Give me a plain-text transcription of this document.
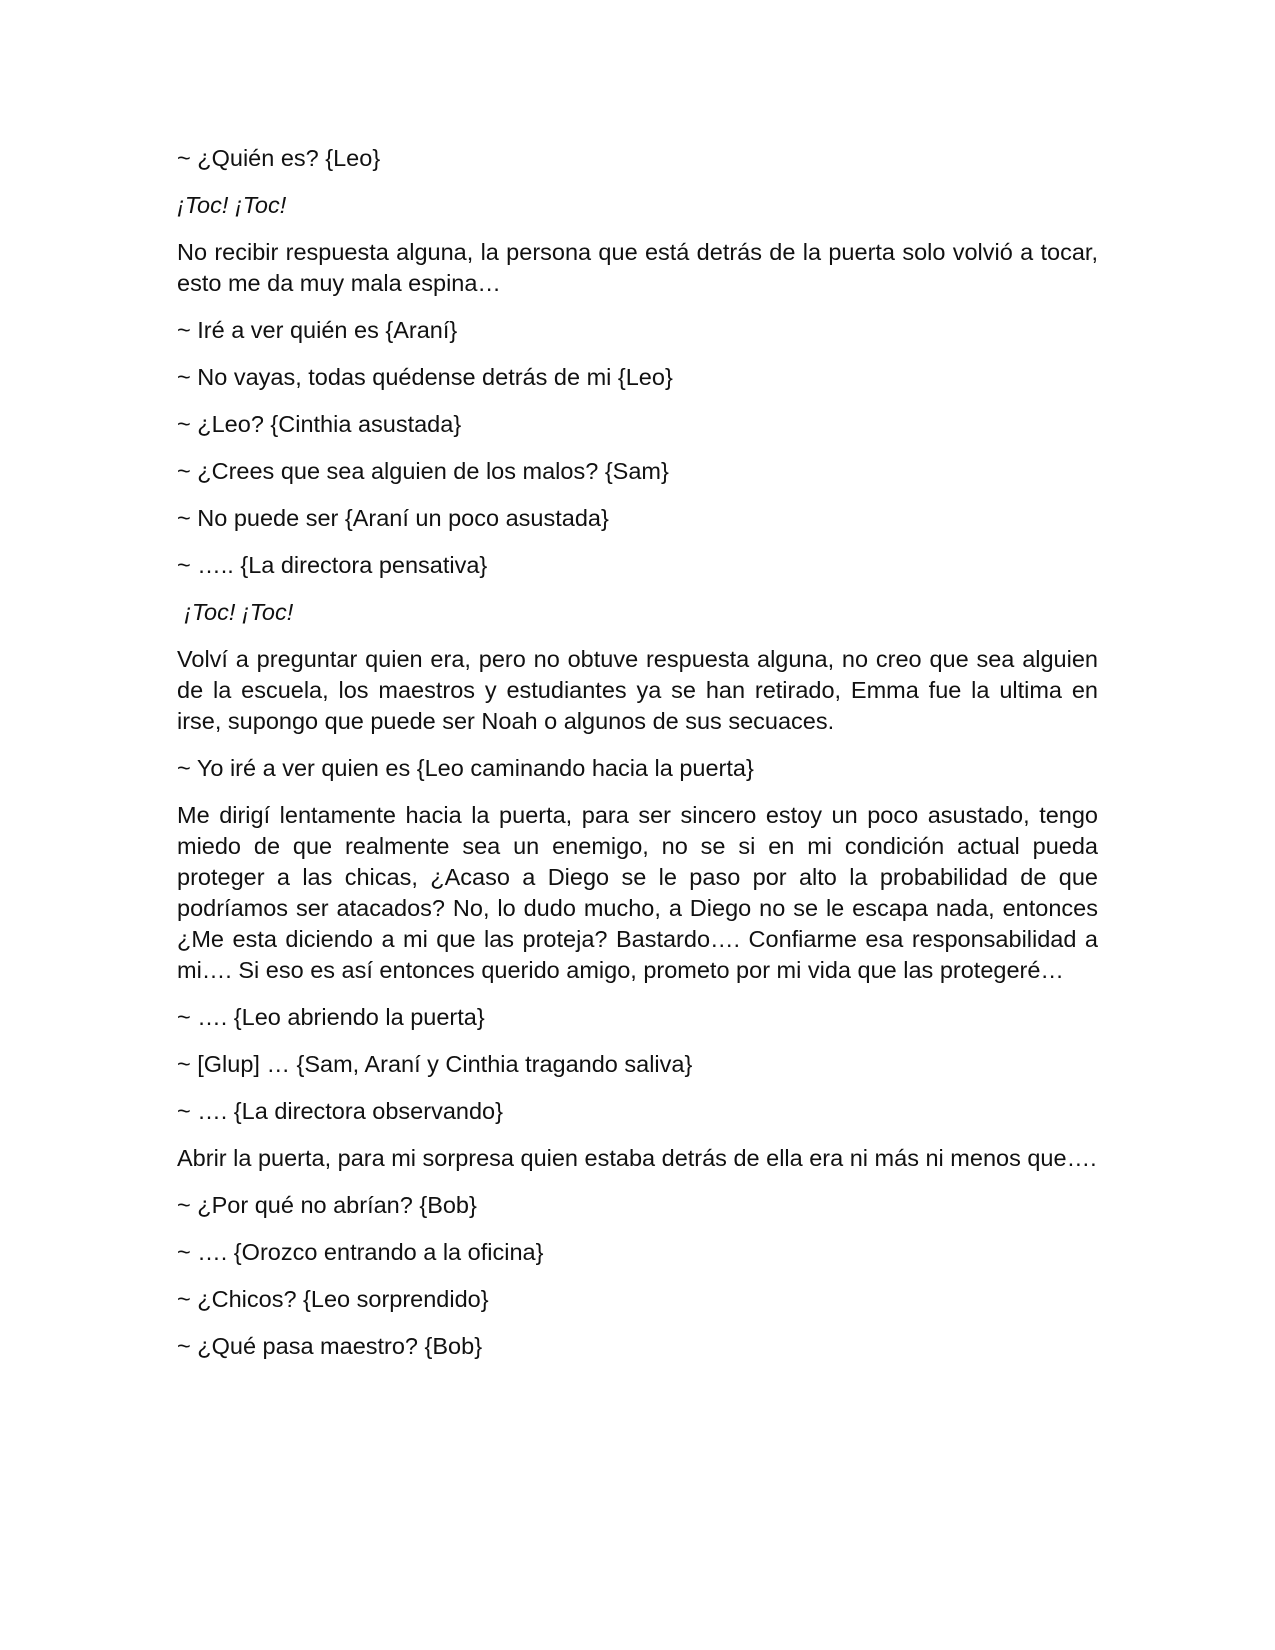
~ ¿Quién es? {Leo}

¡Toc! ¡Toc!

No recibir respuesta alguna, la persona que está detrás de la puerta solo volvió a tocar, esto me da muy mala espina…

~ Iré a ver quién es {Araní}

~ No vayas, todas quédense detrás de mi {Leo}

~ ¿Leo? {Cinthia asustada}

~ ¿Crees que sea alguien de los malos? {Sam}

~ No puede ser {Araní un poco asustada}

~ ….. {La directora pensativa}

¡Toc! ¡Toc!

Volví a preguntar quien era, pero no obtuve respuesta alguna, no creo que sea alguien de la escuela, los maestros y estudiantes ya se han retirado, Emma fue la ultima en irse, supongo que puede ser Noah o algunos de sus secuaces.

~ Yo iré a ver quien es {Leo caminando hacia la puerta}

Me dirigí lentamente hacia la puerta, para ser sincero estoy un poco asustado, tengo miedo de que realmente sea un enemigo, no se si en mi condición actual pueda proteger a las chicas, ¿Acaso a Diego se le paso por alto la probabilidad de que podríamos ser atacados? No, lo dudo mucho, a Diego no se le escapa nada, entonces ¿Me esta diciendo a mi que las proteja? Bastardo…. Confiarme esa responsabilidad a mi…. Si eso es así entonces querido amigo, prometo por mi vida que las protegeré…

~ …. {Leo abriendo la puerta}

~ [Glup] … {Sam, Araní y Cinthia tragando saliva}

~ …. {La directora observando}

Abrir la puerta, para mi sorpresa quien estaba detrás de ella era ni más ni menos que….

~ ¿Por qué no abrían? {Bob}

~ …. {Orozco entrando a la oficina}

~ ¿Chicos? {Leo sorprendido}

~ ¿Qué pasa maestro? {Bob}
